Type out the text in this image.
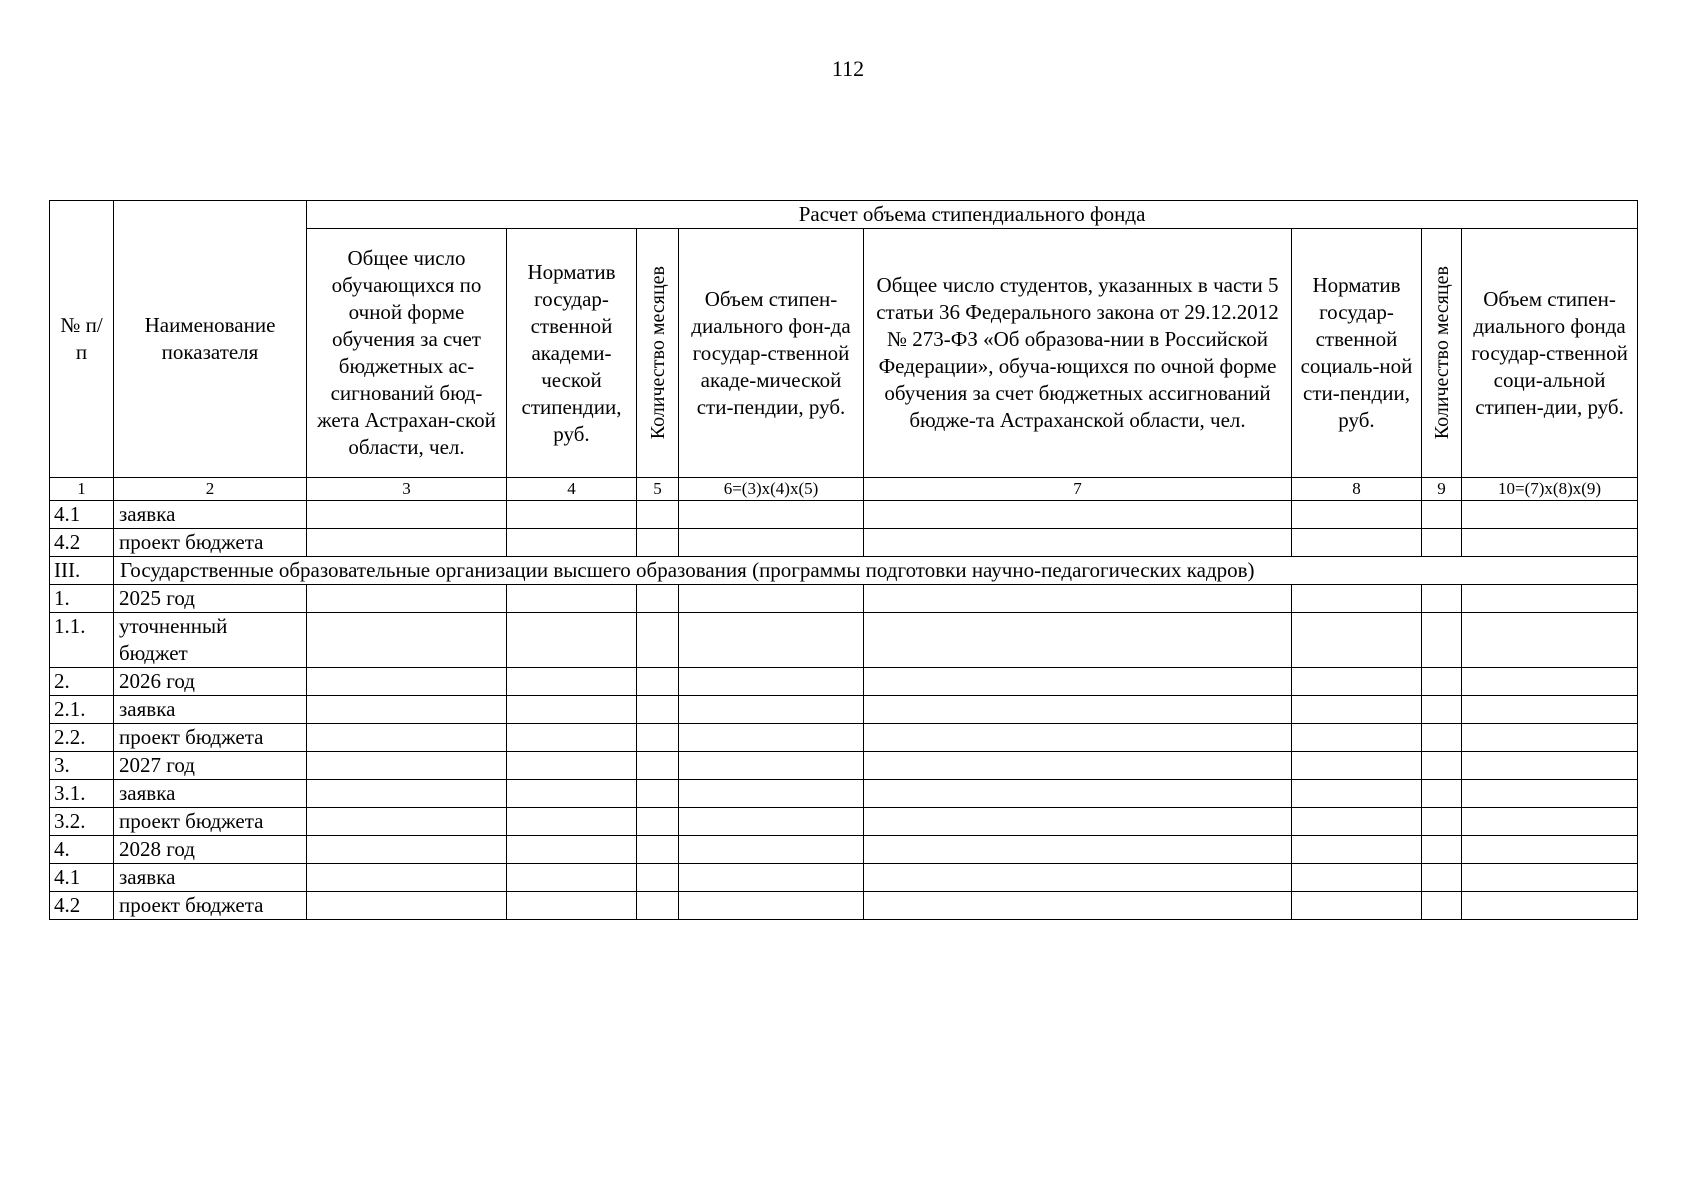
112
№ п/п	Наименование показателя	Расчет объема стипендиального фонда							
		Общее число обучающихся по очной форме обучения за счет бюджетных ас-сигнований бюд-жета Астрахан-ской области, чел.	Норматив государ-ственной академи-ческой стипендии, руб.	Количество месяцев	Объем стипен-диального фон-да государ-ственной акаде-мической сти-пендии, руб.	Общее число студентов, указанных в части 5 статьи 36 Федерального закона от 29.12.2012 № 273-ФЗ «Об образова-нии в Российской Федерации», обуча-ющихся по очной форме обучения за счет бюджетных ассигнований бюдже-та Астраханской области, чел.	Норматив государ-ственной социаль-ной сти-пендии, руб.	Количество месяцев	Объем стипен-диального фонда государ-ственной соци-альной стипен-дии, руб.
1	2	3	4	5	6=(3)х(4)х(5)	7	8	9	10=(7)х(8)х(9)
4.1	заявка								
4.2	проект бюджета								
III.	Государственные образовательные организации высшего образования (программы подготовки научно-педагогических кадров)								
1.	2025 год								
1.1.	уточненный бюджет								
2.	2026 год								
2.1.	заявка								
2.2.	проект бюджета								
3.	2027 год								
3.1.	заявка								
3.2.	проект бюджета								
4.	2028 год								
4.1	заявка								
4.2	проект бюджета								
